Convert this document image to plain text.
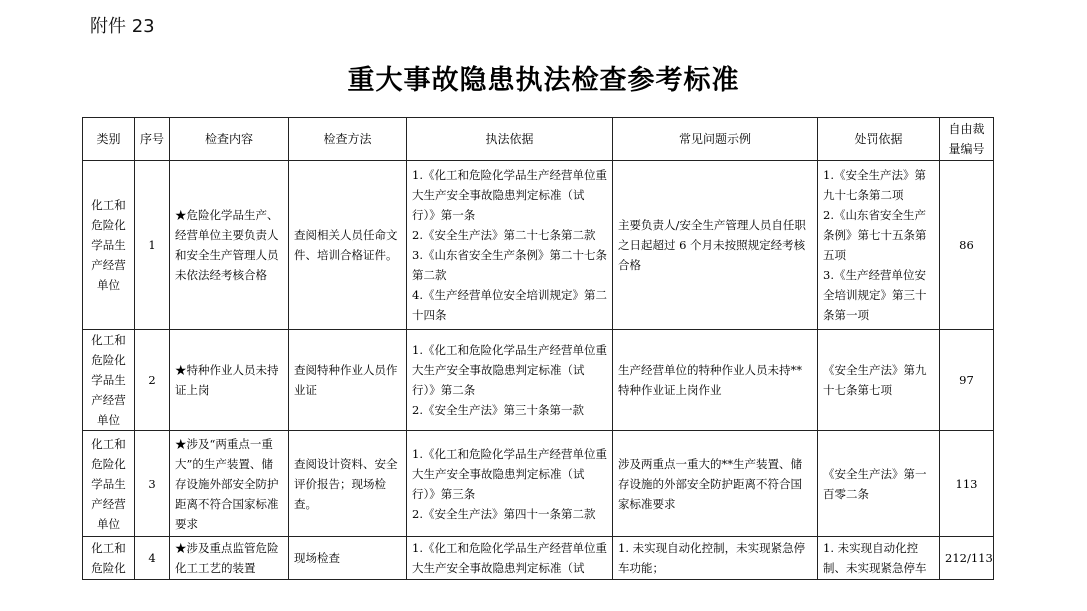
附件 23
重大事故隐患执法检查参考标准
类别	序号	检查内容	检查方法	执法依据	常见问题示例	处罚依据	自由裁量编号
化工和危险化学品生产经营单位	1	★危险化学品生产、经营单位主要负责人和安全生产管理人员未依法经考核合格	查阅相关人员任命文件、培训合格证件。	1.《化工和危险化学品生产经营单位重大生产安全事故隐患判定标准（试行）》第一条
2.《安全生产法》第二十七条第二款
3.《山东省安全生产条例》第二十七条第二款
4.《生产经营单位安全培训规定》第二十四条	主要负责人/安全生产管理人员自任职之日起超过 6 个月未按照规定经考核合格	1.《安全生产法》第九十七条第二项
2.《山东省安全生产条例》第七十五条第五项
3.《生产经营单位安全培训规定》第三十条第一项	86
化工和危险化学品生产经营单位	2	★特种作业人员未持证上岗	查阅特种作业人员作业证	1.《化工和危险化学品生产经营单位重大生产安全事故隐患判定标准（试行）》第二条
2.《安全生产法》第三十条第一款	生产经营单位的特种作业人员未持**特种作业证上岗作业	《安全生产法》第九十七条第七项	97
化工和危险化学品生产经营单位	3	★涉及“两重点一重大”的生产装置、储存设施外部安全防护距离不符合国家标准要求	查阅设计资料、安全评价报告；现场检查。	1.《化工和危险化学品生产经营单位重大生产安全事故隐患判定标准（试行）》第三条
2.《安全生产法》第四十一条第二款	涉及两重点一重大的**生产装置、储存设施的外部安全防护距离不符合国家标准要求	《安全生产法》第一百零二条	113
化工和危险化	4	★涉及重点监管危险化工工艺的装置	现场检查	1.《化工和危险化学品生产经营单位重大生产安全事故隐患判定标准（试	1. 未实现自动化控制，未实现紧急停车功能；	1. 未实现自动化控制、未实现紧急停车	212/113
